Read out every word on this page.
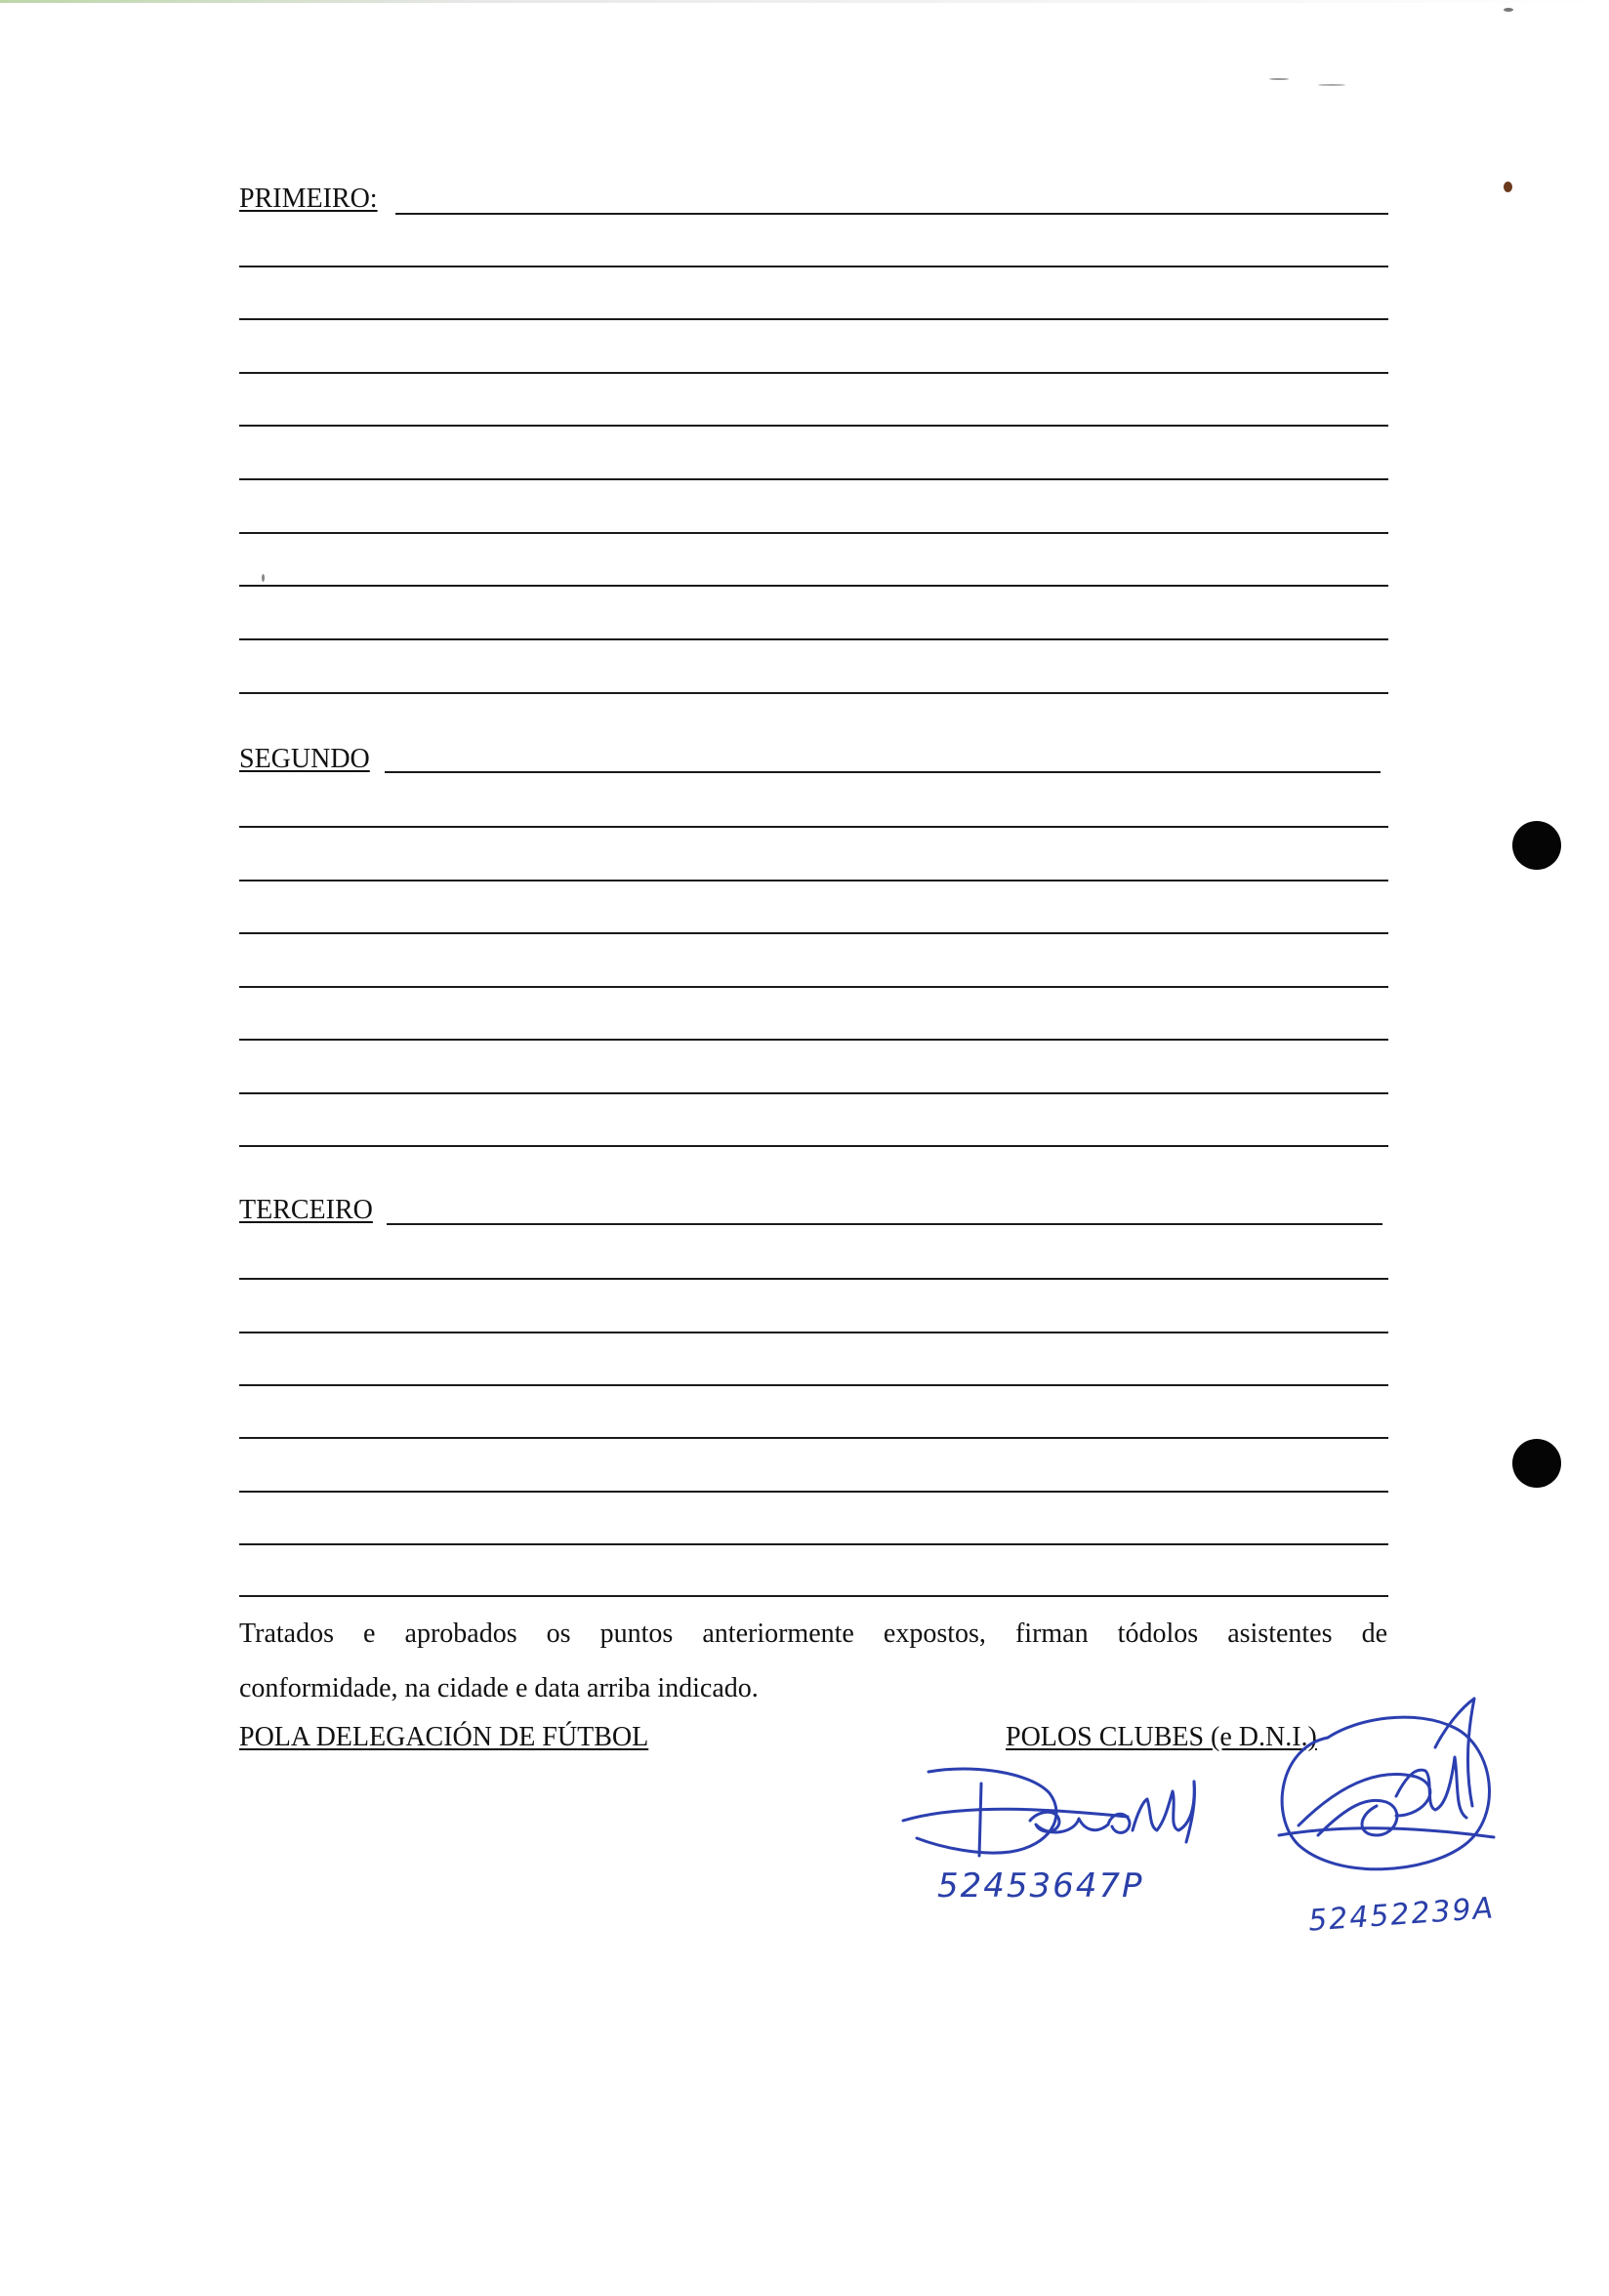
PRIMEIRO:
SEGUNDO
TERCEIRO
Tratados e aprobados os puntos anteriormente expostos, firman tódolos asistentes de
conformidade, na cidade e data arriba indicado.
POLA DELEGACIÓN DE FÚTBOL	POLOS CLUBES (e D.N.I.)
52453647P
52452239A
